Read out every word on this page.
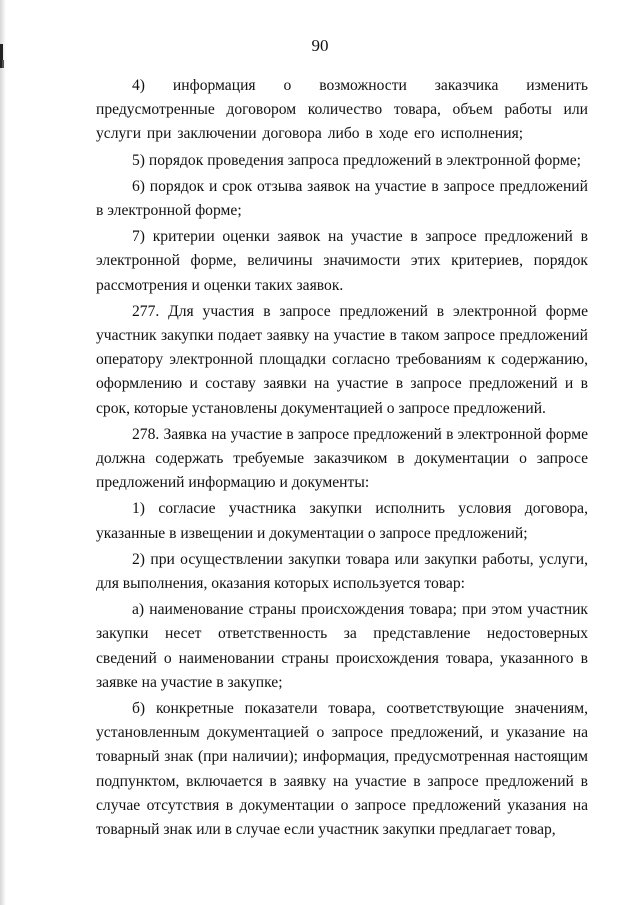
90

4) информация о возможности заказчика изменить предусмотренные договором количество товара, объем работы или услуги при заключении договора либо в ходе его исполнения;

5) порядок проведения запроса предложений в электронной форме;

6) порядок и срок отзыва заявок на участие в запросе предложений в электронной форме;

7) критерии оценки заявок на участие в запросе предложений в электронной форме, величины значимости этих критериев, порядок рассмотрения и оценки таких заявок.

277. Для участия в запросе предложений в электронной форме участник закупки подает заявку на участие в таком запросе предложений оператору электронной площадки согласно требованиям к содержанию, оформлению и составу заявки на участие в запросе предложений и в срок, которые установлены документацией о запросе предложений.

278. Заявка на участие в запросе предложений в электронной форме должна содержать требуемые заказчиком в документации о запросе предложений информацию и документы:

1) согласие участника закупки исполнить условия договора, указанные в извещении и документации о запросе предложений;

2) при осуществлении закупки товара или закупки работы, услуги, для выполнения, оказания которых используется товар:

а) наименование страны происхождения товара; при этом участник закупки несет ответственность за представление недостоверных сведений о наименовании страны происхождения товара, указанного в заявке на участие в закупке;

б) конкретные показатели товара, соответствующие значениям, установленным документацией о запросе предложений, и указание на товарный знак (при наличии); информация, предусмотренная настоящим подпунктом, включается в заявку на участие в запросе предложений в случае отсутствия в документации о запросе предложений указания на товарный знак или в случае если участник закупки предлагает товар,
